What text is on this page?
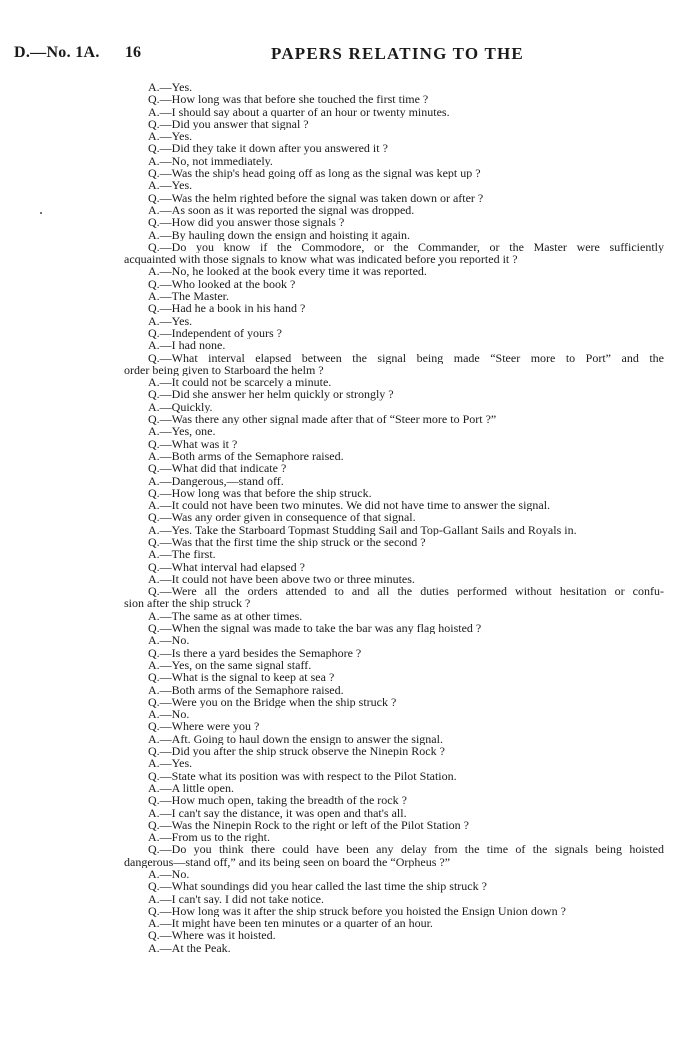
D.—No. 1A. 16	PAPERS RELATING TO THE
A.—Yes.
Q.—How long was that before she touched the first time ?
A.—I should say about a quarter of an hour or twenty minutes.
Q.—Did you answer that signal ?
A.—Yes.
Q.—Did they take it down after you answered it ?
A.—No, not immediately.
Q.—Was the ship's head going off as long as the signal was kept up ?
A.—Yes.
Q.—Was the helm righted before the signal was taken down or after ?
A.—As soon as it was reported the signal was dropped.
Q.—How did you answer those signals ?
A.—By hauling down the ensign and hoisting it again.
Q.—Do you know if the Commodore, or the Commander, or the Master were sufficiently
acquainted with those signals to know what was indicated before you reported it ?
A.—No, he looked at the book every time it was reported.
Q.—Who looked at the book ?
A.—The Master.
Q.—Had he a book in his hand ?
A.—Yes.
Q.—Independent of yours ?
A.—I had none.
Q.—What interval elapsed between the signal being made “Steer more to Port” and the
order being given to Starboard the helm ?
A.—It could not be scarcely a minute.
Q.—Did she answer her helm quickly or strongly ?
A.—Quickly.
Q.—Was there any other signal made after that of “Steer more to Port ?”
A.—Yes, one.
Q.—What was it ?
A.—Both arms of the Semaphore raised.
Q.—What did that indicate ?
A.—Dangerous,—stand off.
Q.—How long was that before the ship struck.
A.—It could not have been two minutes. We did not have time to answer the signal.
Q.—Was any order given in consequence of that signal.
A.—Yes. Take the Starboard Topmast Studding Sail and Top-Gallant Sails and Royals in.
Q.—Was that the first time the ship struck or the second ?
A.—The first.
Q.—What interval had elapsed ?
A.—It could not have been above two or three minutes.
Q.—Were all the orders attended to and all the duties performed without hesitation or confu-
sion after the ship struck ?
A.—The same as at other times.
Q.—When the signal was made to take the bar was any flag hoisted ?
A.—No.
Q.—Is there a yard besides the Semaphore ?
A.—Yes, on the same signal staff.
Q.—What is the signal to keep at sea ?
A.—Both arms of the Semaphore raised.
Q.—Were you on the Bridge when the ship struck ?
A.—No.
Q.—Where were you ?
A.—Aft. Going to haul down the ensign to answer the signal.
Q.—Did you after the ship struck observe the Ninepin Rock ?
A.—Yes.
Q.—State what its position was with respect to the Pilot Station.
A.—A little open.
Q.—How much open, taking the breadth of the rock ?
A.—I can't say the distance, it was open and that's all.
Q.—Was the Ninepin Rock to the right or left of the Pilot Station ?
A.—From us to the right.
Q.—Do you think there could have been any delay from the time of the signals being hoisted
dangerous—stand off,” and its being seen on board the “Orpheus ?”
A.—No.
Q.—What soundings did you hear called the last time the ship struck ?
A.—I can't say. I did not take notice.
Q.—How long was it after the ship struck before you hoisted the Ensign Union down ?
A.—It might have been ten minutes or a quarter of an hour.
Q.—Where was it hoisted.
A.—At the Peak.
